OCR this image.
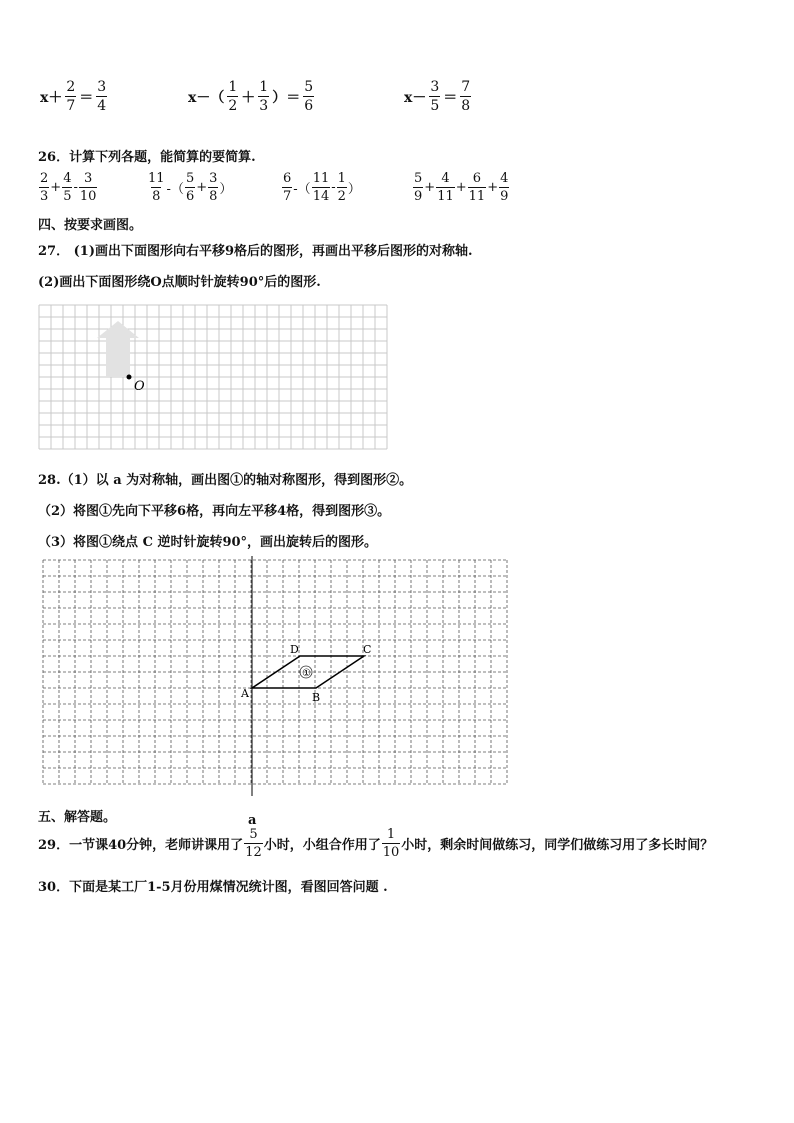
$x+ \frac{2}{7} = \frac{3}{4}$	$x-( \frac{1}{2} + \frac{1}{3}$ ）＝ $\frac{5}{6}$	$x- \frac{3}{5} = \frac{7}{8}$
26．计算下列各题，能简算的要简算.
$\frac{2}{3} + \frac{4}{5} - \frac{3}{10}$	$\frac{11}{8}$ -（ $\frac{5}{6} + \frac{3}{8}$ ）	$\frac{6}{7}$ -（ $\frac{11}{14} - \frac{1}{2}$ ）	$\frac{5}{9} + \frac{4}{11} + \frac{6}{11} + \frac{4}{9}$
四、按要求画图。
27． (1)画出下面图形向右平移9格后的图形，再画出平移后图形的对称轴.
(2)画出下面图形绕O点顺时针旋转90°后的图形.
O
28.（1）以 a 为对称轴，画出图①的轴对称图形，得到图形②。
（2）将图①先向下平移6格，再向左平移4格，得到图形③。
（3）将图①绕点 C 逆时针旋转90°，画出旋转后的图形。
①
A	B
C
D
a
五、解答题。
29．一节课40分钟，老师讲课用了 $\frac{5}{12}$ 小时，小组合作用了 $\frac{1}{10}$ 小时，剩余时间做练习，同学们做练习用了多长时间？
30．下面是某工厂1-5月份用煤情况统计图，看图回答问题 .
